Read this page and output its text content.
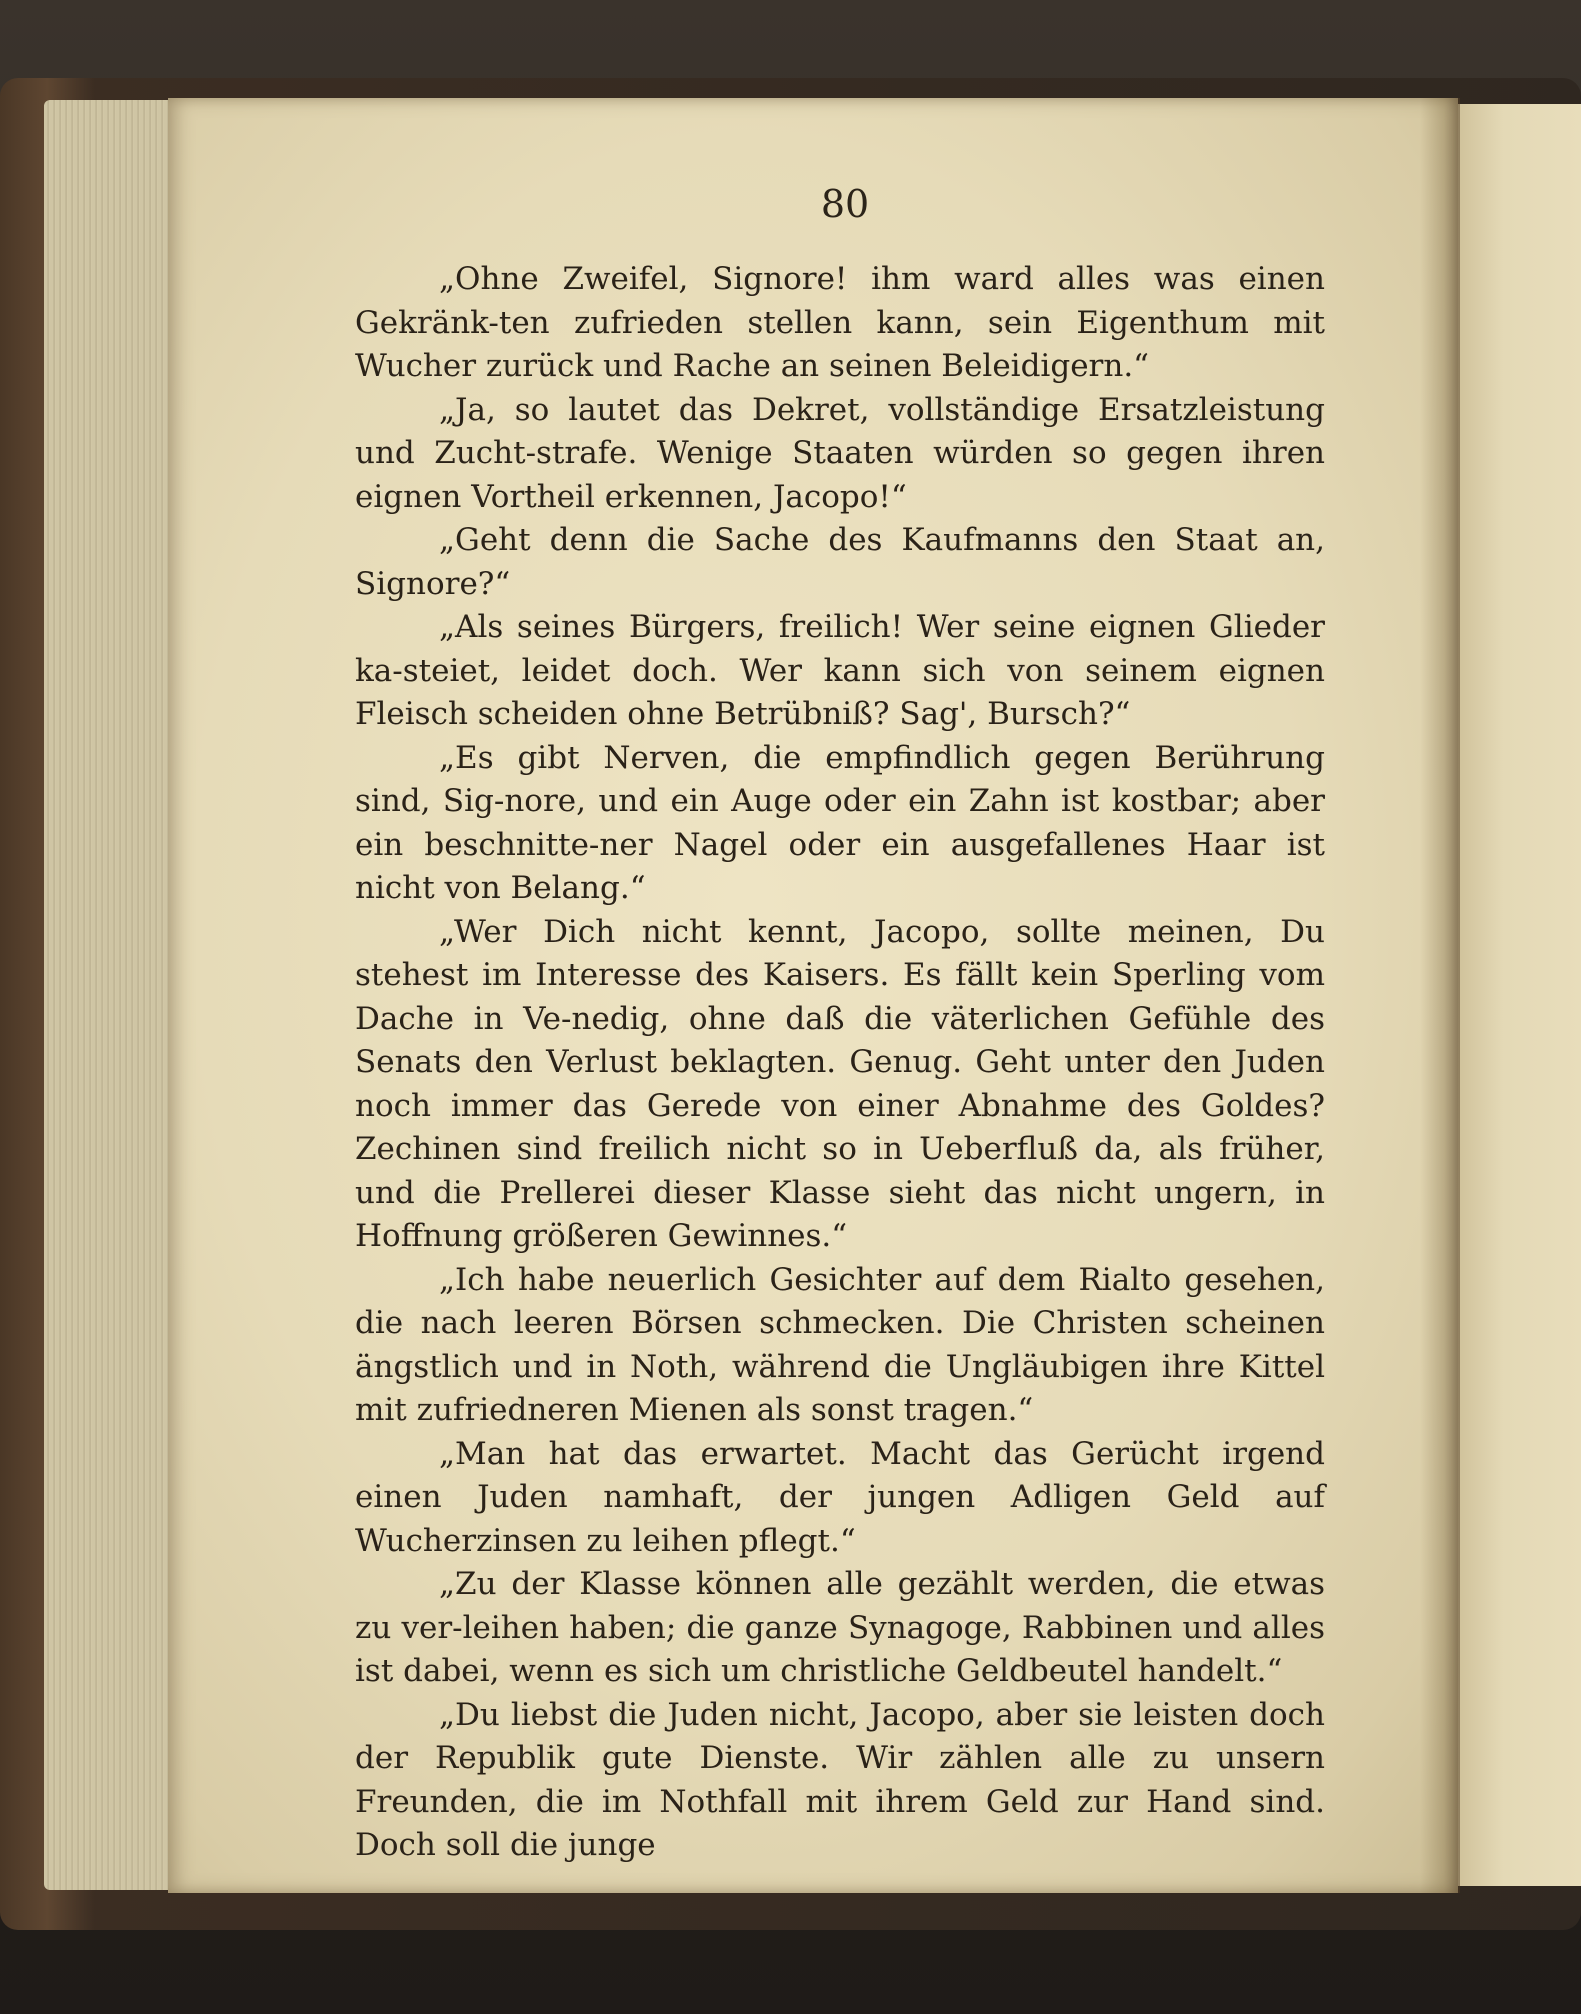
80

„Ohne Zweifel, Signore! ihm ward alles was einen Gekränk-ten zufrieden stellen kann, sein Eigenthum mit Wucher zurück und Rache an seinen Beleidigern.“

„Ja, so lautet das Dekret, vollständige Ersatzleistung und Zucht-strafe. Wenige Staaten würden so gegen ihren eignen Vortheil erkennen, Jacopo!“

„Geht denn die Sache des Kaufmanns den Staat an, Signore?“

„Als seines Bürgers, freilich! Wer seine eignen Glieder ka-steiet, leidet doch. Wer kann sich von seinem eignen Fleisch scheiden ohne Betrübniß? Sag', Bursch?“

„Es gibt Nerven, die empfindlich gegen Berührung sind, Sig-nore, und ein Auge oder ein Zahn ist kostbar; aber ein beschnitte-ner Nagel oder ein ausgefallenes Haar ist nicht von Belang.“

„Wer Dich nicht kennt, Jacopo, sollte meinen, Du stehest im Interesse des Kaisers. Es fällt kein Sperling vom Dache in Ve-nedig, ohne daß die väterlichen Gefühle des Senats den Verlust beklagten. Genug. Geht unter den Juden noch immer das Gerede von einer Abnahme des Goldes? Zechinen sind freilich nicht so in Ueberfluß da, als früher, und die Prellerei dieser Klasse sieht das nicht ungern, in Hoffnung größeren Gewinnes.“

„Ich habe neuerlich Gesichter auf dem Rialto gesehen, die nach leeren Börsen schmecken. Die Christen scheinen ängstlich und in Noth, während die Ungläubigen ihre Kittel mit zufriedneren Mienen als sonst tragen.“

„Man hat das erwartet. Macht das Gerücht irgend einen Juden namhaft, der jungen Adligen Geld auf Wucherzinsen zu leihen pflegt.“

„Zu der Klasse können alle gezählt werden, die etwas zu ver-leihen haben; die ganze Synagoge, Rabbinen und alles ist dabei, wenn es sich um christliche Geldbeutel handelt.“

„Du liebst die Juden nicht, Jacopo, aber sie leisten doch der Republik gute Dienste. Wir zählen alle zu unsern Freunden, die im Nothfall mit ihrem Geld zur Hand sind. Doch soll die junge
